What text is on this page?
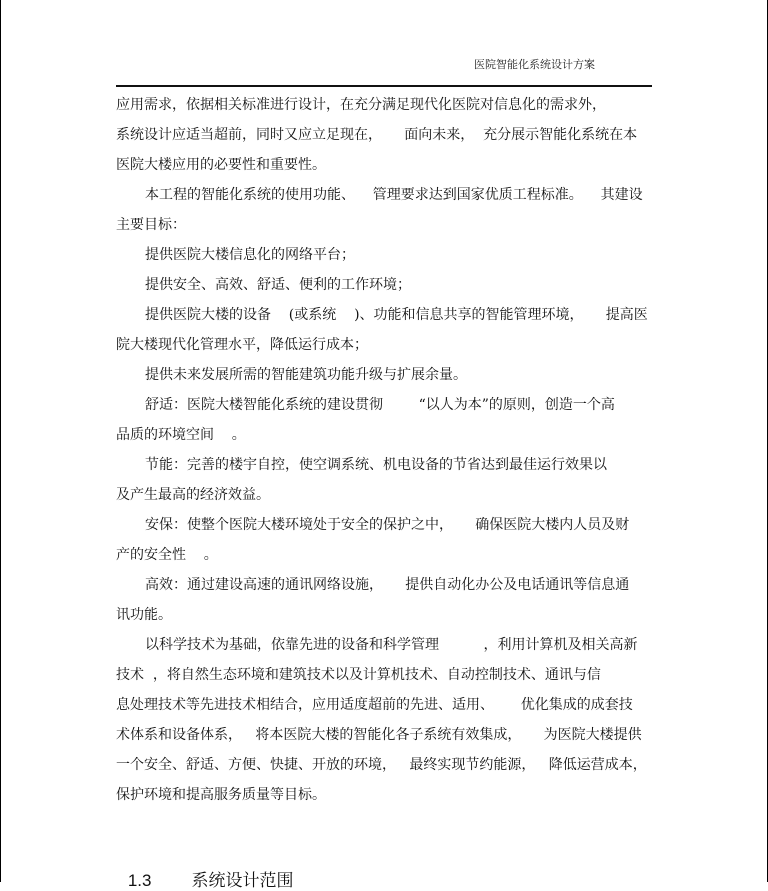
医院智能化系统设计方案
应用需求，依据相关标准进行设计，在充分满足现代化医院对信息化的需求外，
系统设计应适当超前，同时又应立足现在，     面向未来，  充分展示智能化系统在本
医院大楼应用的必要性和重要性。
本工程的智能化系统的使用功能、    管理要求达到国家优质工程标准。    其建设
主要目标：
提供医院大楼信息化的网络平台；
提供安全、高效、舒适、便利的工作环境；
提供医院大楼的设备    (或系统    )、功能和信息共享的智能管理环境，     提高医
院大楼现代化管理水平，降低运行成本；
提供未来发展所需的智能建筑功能升级与扩展余量。
舒适：医院大楼智能化系统的建设贯彻        “以人为本”的原则，创造一个高
品质的环境空间    。
节能：完善的楼宇自控，使空调系统、机电设备的节省达到最佳运行效果以
及产生最高的经济效益。
安保：使整个医院大楼环境处于安全的保护之中，     确保医院大楼内人员及财
产的安全性    。
高效：通过建设高速的通讯网络设施，     提供自动化办公及电话通讯等信息通
讯功能。
以科学技术为基础，依靠先进的设备和科学管理          ，利用计算机及相关高新
技术  ，将自然生态环境和建筑技术以及计算机技术、自动控制技术、通讯与信
息处理技术等先进技术相结合，应用适度超前的先进、适用、      优化集成的成套技
术体系和设备体系，   将本医院大楼的智能化各子系统有效集成，     为医院大楼提供
一个安全、舒适、方便、快捷、开放的环境，   最终实现节约能源，   降低运营成本，
保护环境和提高服务质量等目标。

1.3 系统设计范围
